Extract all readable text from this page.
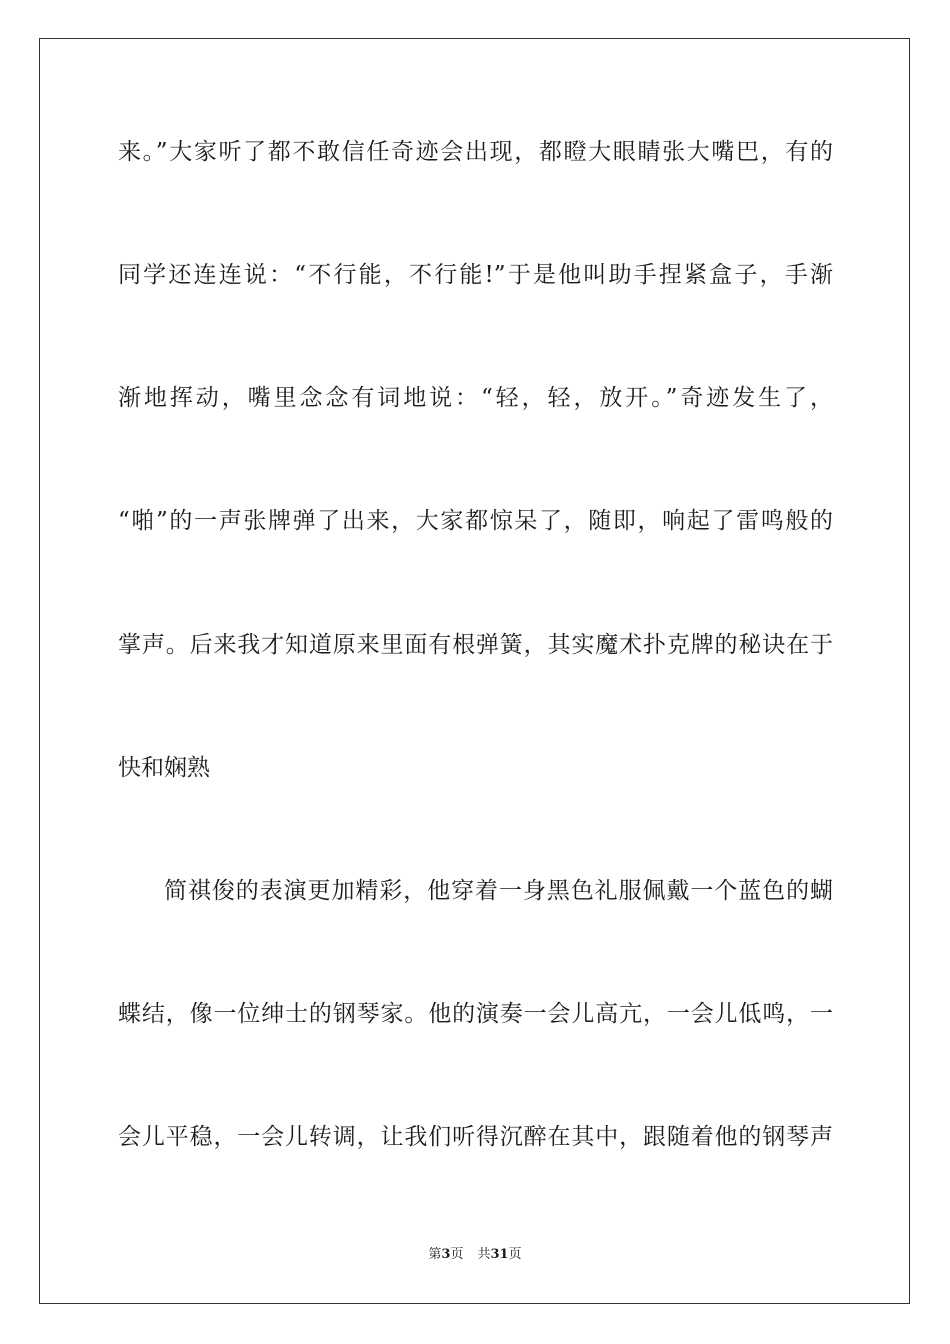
来。”大家听了都不敢信任奇迹会出现，都瞪大眼睛张大嘴巴，有的
同学还连连说：“不行能，不行能!”于是他叫助手捏紧盒子，手渐
渐地挥动，嘴里念念有词地说：“轻，轻，放开。”奇迹发生了，
“啪”的一声张牌弹了出来，大家都惊呆了，随即，响起了雷鸣般的
掌声。后来我才知道原来里面有根弹簧，其实魔术扑克牌的秘诀在于
快和娴熟
简祺俊的表演更加精彩，他穿着一身黑色礼服佩戴一个蓝色的蝴
蝶结，像一位绅士的钢琴家。他的演奏一会儿高亢，一会儿低鸣，一
会儿平稳，一会儿转调，让我们听得沉醉在其中，跟随着他的钢琴声
第3页 共31页
